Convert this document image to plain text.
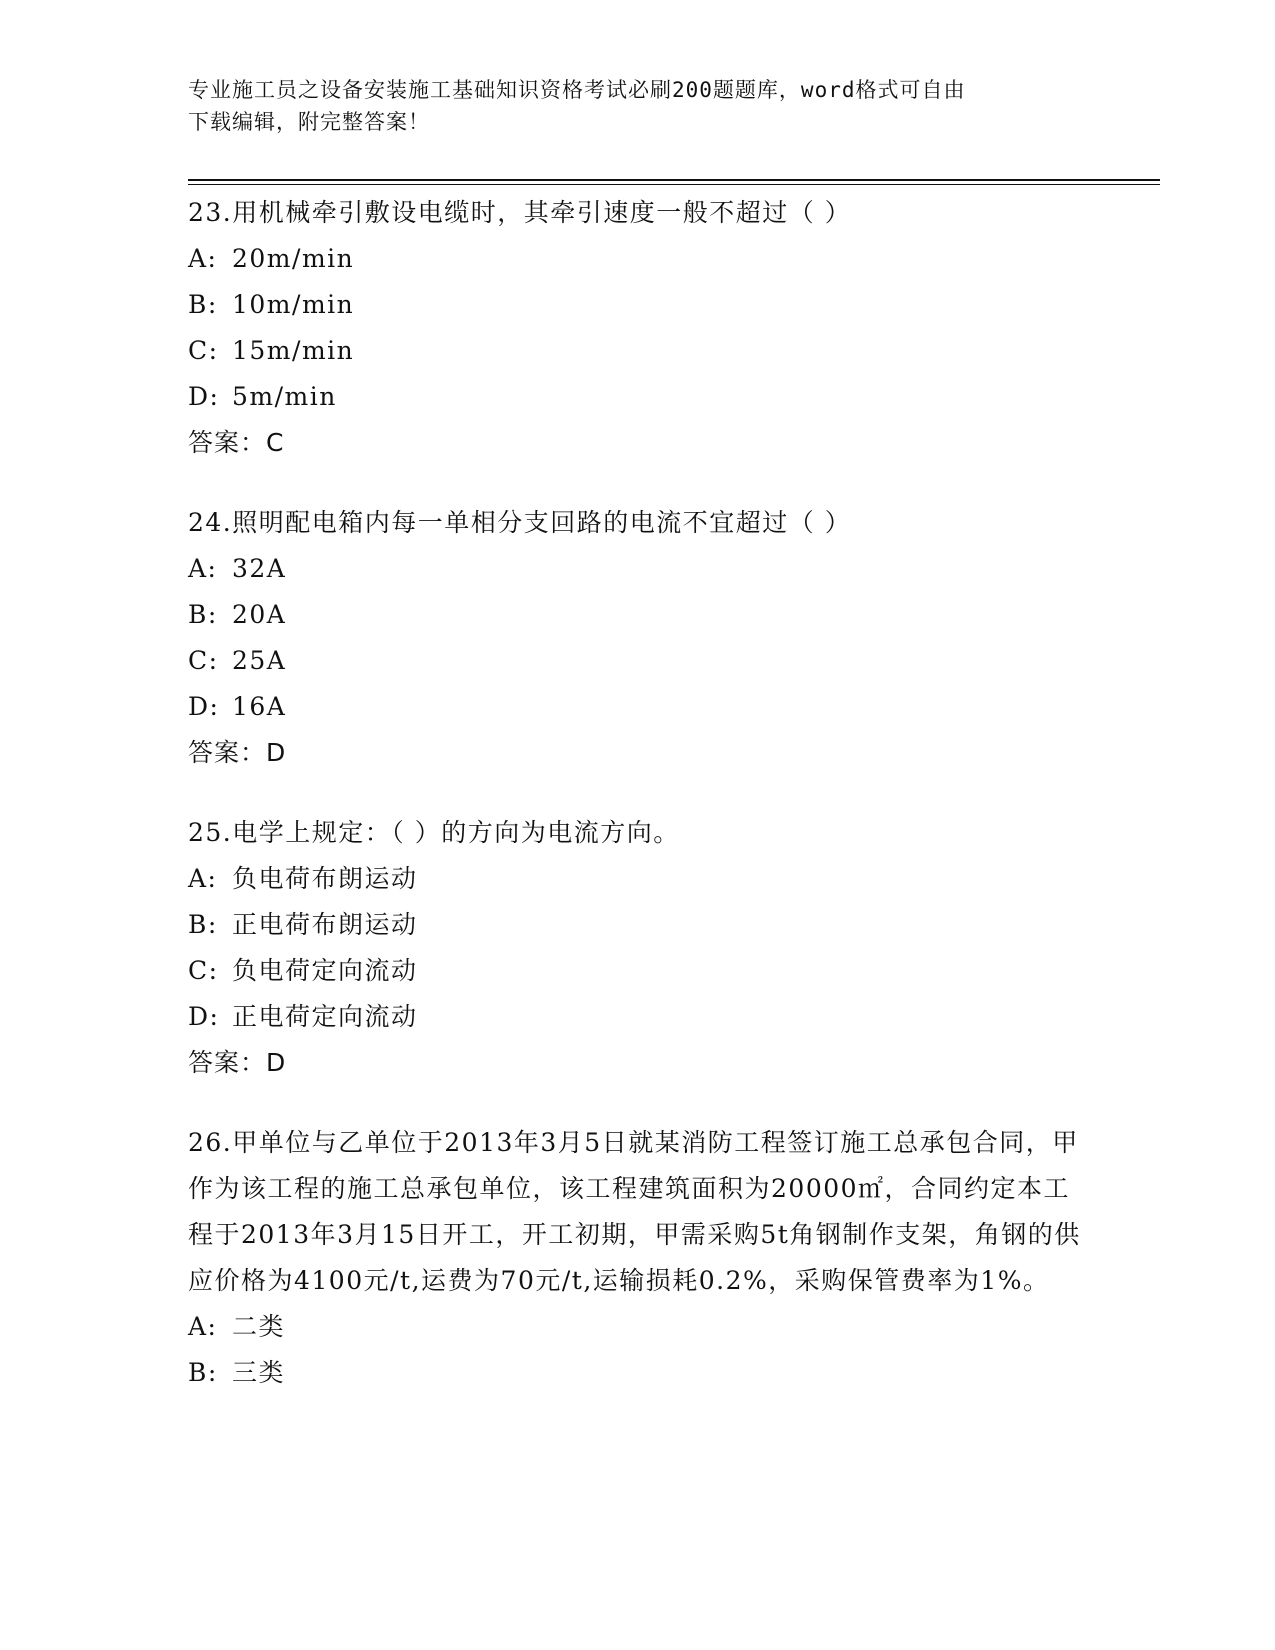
专业施工员之设备安装施工基础知识资格考试必刷200题题库，word格式可自由
下载编辑，附完整答案！

23.用机械牵引敷设电缆时，其牵引速度一般不超过（ ）

A: 20m/min
B: 10m/min
C: 15m/min
D: 5m/min
答案：C

24.照明配电箱内每一单相分支回路的电流不宜超过（ ）

A: 32A
B: 20A
C: 25A
D: 16A
答案：D

25.电学上规定：（ ）的方向为电流方向。

A: 负电荷布朗运动
B: 正电荷布朗运动
C: 负电荷定向流动
D: 正电荷定向流动
答案：D

26.甲单位与乙单位于2013年3月5日就某消防工程签订施工总承包合同，甲作为该工程的施工总承包单位，该工程建筑面积为20000㎡，合同约定本工程于2013年3月15日开工，开工初期，甲需采购5t角钢制作支架，角钢的供应价格为4100元/t,运费为70元/t,运输损耗0.2%，采购保管费率为1%。

A: 二类
B: 三类
